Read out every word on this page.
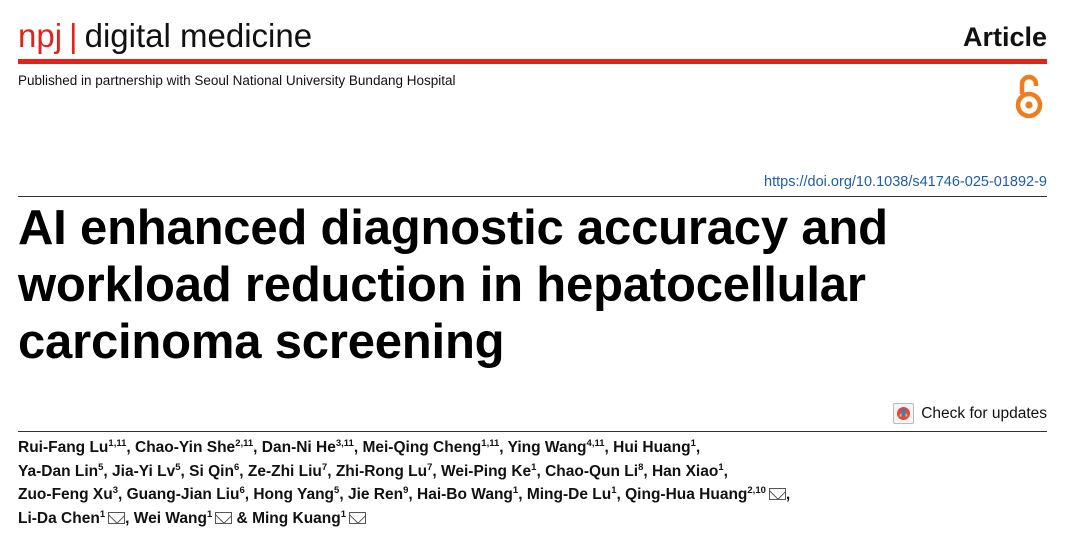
npj | digital medicine	Article
Published in partnership with Seoul National University Bundang Hospital
https://doi.org/10.1038/s41746-025-01892-9
AI enhanced diagnostic accuracy and workload reduction in hepatocellular carcinoma screening
Check for updates
Rui-Fang Lu$^{1,11}$, Chao-Yin She$^{2,11}$, Dan-Ni He$^{3,11}$, Mei-Qing Cheng$^{1,11}$, Ying Wang$^{4,11}$, Hui Huang$^1$,
Ya-Dan Lin$^5$, Jia-Yi Lv$^5$, Si Qin$^6$, Ze-Zhi Liu$^7$, Zhi-Rong Lu$^7$, Wei-Ping Ke$^1$, Chao-Qun Li$^8$, Han Xiao$^1$,
Zuo-Feng Xu$^3$, Guang-Jian Liu$^6$, Hong Yang$^5$, Jie Ren$^9$, Hai-Bo Wang$^1$, Ming-De Lu$^1$, Qing-Hua Huang$^{2,10}$ ,
Li-Da Chen$^1$ , Wei Wang$^1$ & Ming Kuang$^1$
